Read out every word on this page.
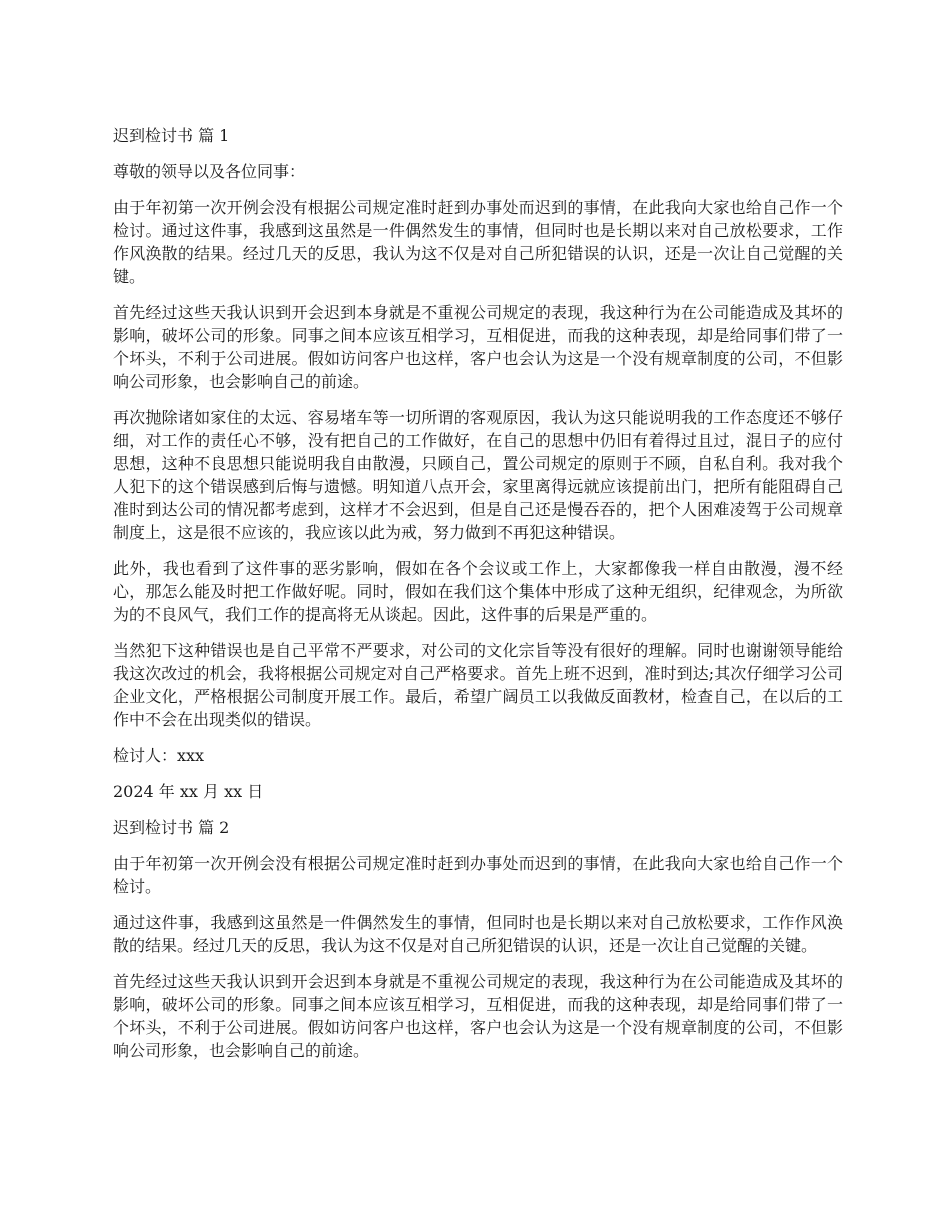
迟到检讨书 篇 1
尊敬的领导以及各位同事：
由于年初第一次开例会没有根据公司规定准时赶到办事处而迟到的事情，在此我向大家也给自己作一个检讨。通过这件事，我感到这虽然是一件偶然发生的事情，但同时也是长期以来对自己放松要求，工作作风涣散的结果。经过几天的反思，我认为这不仅是对自己所犯错误的认识，还是一次让自己觉醒的关键。
首先经过这些天我认识到开会迟到本身就是不重视公司规定的表现，我这种行为在公司能造成及其坏的影响，破坏公司的形象。同事之间本应该互相学习，互相促进，而我的这种表现，却是给同事们带了一个坏头，不利于公司进展。假如访问客户也这样，客户也会认为这是一个没有规章制度的公司，不但影响公司形象，也会影响自己的前途。
再次抛除诸如家住的太远、容易堵车等一切所谓的客观原因，我认为这只能说明我的工作态度还不够仔细，对工作的责任心不够，没有把自己的工作做好，在自己的思想中仍旧有着得过且过，混日子的应付思想，这种不良思想只能说明我自由散漫，只顾自己，置公司规定的原则于不顾，自私自利。我对我个人犯下的这个错误感到后悔与遗憾。明知道八点开会，家里离得远就应该提前出门，把所有能阻碍自己准时到达公司的情况都考虑到，这样才不会迟到，但是自己还是慢吞吞的，把个人困难凌驾于公司规章制度上，这是很不应该的，我应该以此为戒，努力做到不再犯这种错误。
此外，我也看到了这件事的恶劣影响，假如在各个会议或工作上，大家都像我一样自由散漫，漫不经心，那怎么能及时把工作做好呢。同时，假如在我们这个集体中形成了这种无组织，纪律观念，为所欲为的不良风气，我们工作的提高将无从谈起。因此，这件事的后果是严重的。
当然犯下这种错误也是自己平常不严要求，对公司的文化宗旨等没有很好的理解。同时也谢谢领导能给我这次改过的机会，我将根据公司规定对自己严格要求。首先上班不迟到，准时到达;其次仔细学习公司企业文化，严格根据公司制度开展工作。最后，希望广阔员工以我做反面教材，检查自己，在以后的工作中不会在出现类似的错误。
检讨人：xxx
2024 年 xx 月 xx 日
迟到检讨书 篇 2
由于年初第一次开例会没有根据公司规定准时赶到办事处而迟到的事情，在此我向大家也给自己作一个检讨。
通过这件事，我感到这虽然是一件偶然发生的事情，但同时也是长期以来对自己放松要求，工作作风涣散的结果。经过几天的反思，我认为这不仅是对自己所犯错误的认识，还是一次让自己觉醒的关键。
首先经过这些天我认识到开会迟到本身就是不重视公司规定的表现，我这种行为在公司能造成及其坏的影响，破坏公司的形象。同事之间本应该互相学习，互相促进，而我的这种表现，却是给同事们带了一个坏头，不利于公司进展。假如访问客户也这样，客户也会认为这是一个没有规章制度的公司，不但影响公司形象，也会影响自己的前途。
